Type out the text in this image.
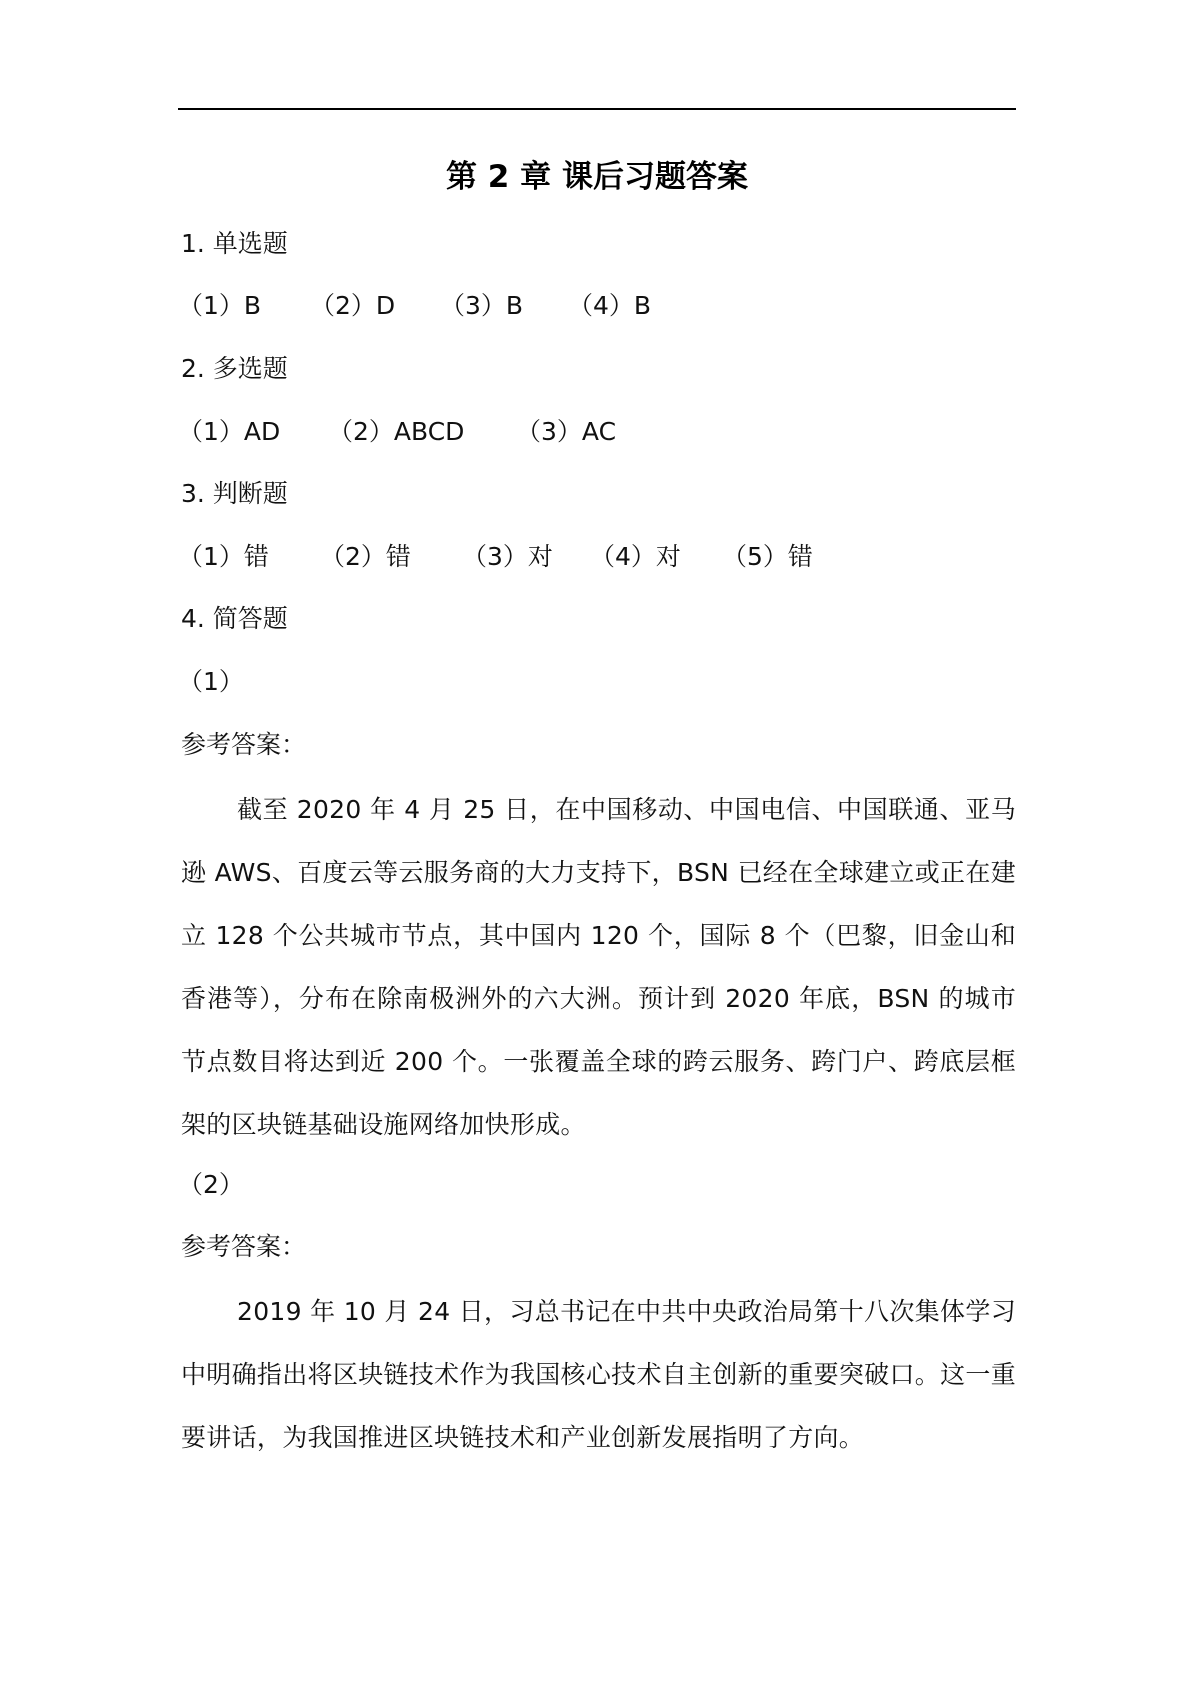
第 2 章 课后习题答案
1. 单选题
（1）B （2）D （3）B （4）B
2. 多选题
（1）AD （2）ABCD （3）AC
3. 判断题
（1）错 （2）错 （3）对 （4）对 （5）错
4. 简答题
（1）
参考答案：
截至 2020 年 4 月 25 日，在中国移动、中国电信、中国联通、亚马逊 AWS、百度云等云服务商的大力支持下，BSN 已经在全球建立或正在建立 128 个公共城市节点，其中国内 120 个，国际 8 个（巴黎，旧金山和香港等），分布在除南极洲外的六大洲。预计到 2020 年底，BSN 的城市节点数目将达到近 200 个。一张覆盖全球的跨云服务、跨门户、跨底层框架的区块链基础设施网络加快形成。
（2）
参考答案：
2019 年 10 月 24 日，习总书记在中共中央政治局第十八次集体学习中明确指出将区块链技术作为我国核心技术自主创新的重要突破口。这一重要讲话，为我国推进区块链技术和产业创新发展指明了方向。
